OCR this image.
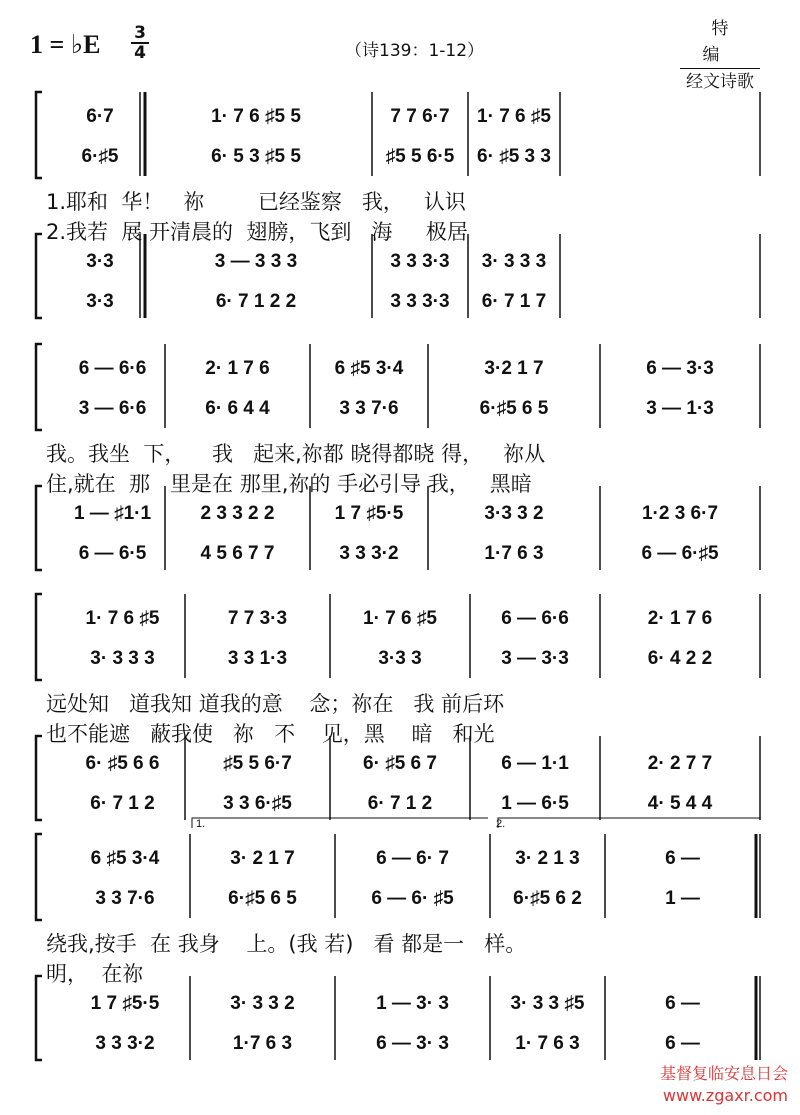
1 = ♭E 3
4	（诗139：1-12）
特编
经文诗歌
6·7
6·♯5
3·3
3·3
1· 7 6 ♯5 5
6· 5 3 ♯5 5
3 — 3 3 3
6· 7 1 2 2
7 7 6·7
♯5 5 6·5
3 3 3·3
3 3 3·3
1· 7 6 ♯5
6· ♯5 3 3
3· 3 3 3
6· 7 1 7
1.耶和  华！   祢        已经鉴察   我，   认识
2.我若  展 开清晨的  翅膀，飞到   海     极居
6 — 6·6
3 — 6·6
1 — ♯1·1
6 — 6·5
2· 1 7 6
6· 6 4 4
2 3 3 2 2
4 5 6 7 7
6 ♯5 3·4
3 3 7·6
1 7 ♯5·5
3 3 3·2
3·2 1 7
6·♯5 6 5
3·3 3 2
1·7 6 3
6 — 3·3
3 — 1·3
1·2 3 6·7
6 — 6·♯5
我。我坐  下，    我   起来,祢都 晓得都晓 得，   祢从
住,就在  那   里是在 那里,祢的 手必引导 我，   黑暗
1· 7 6 ♯5
3· 3 3 3
6· ♯5 6 6
6· 7 1 2
7 7 3·3
3 3 1·3
♯5 5 6·7
3 3 6·♯5
1· 7 6 ♯5
3·3 3
6· ♯5 6 7
6· 7 1 2
6 — 6·6
3 — 3·3
6 — 1·1
1 — 6·5
2· 1 7 6
6· 4 2 2
2· 2 7 7
4· 5 4 4
远处知   道我知 道我的意    念；祢在   我 前后环
也不能遮   蔽我使   祢   不    见，黑    暗   和光
6 ♯5 3·4
3 3 7·6
1 7 ♯5·5
3 3 3·2
3· 2 1 7
6·♯5 6 5
3· 3 3 2
1·7 6 3
1.
6 — 6· 7
6 — 6· ♯5
1 — 3· 3
6 — 3· 3
3· 2 1 3
6·♯5 6 2
3· 3 3 ♯5
1· 7 6 3
2.
6 —
1 —
6 —
6 —
绕我,按手  在 我身    上。(我 若)   看 都是一   样。
明，  在祢
基督复临安息日会
www.zgaxr.com
